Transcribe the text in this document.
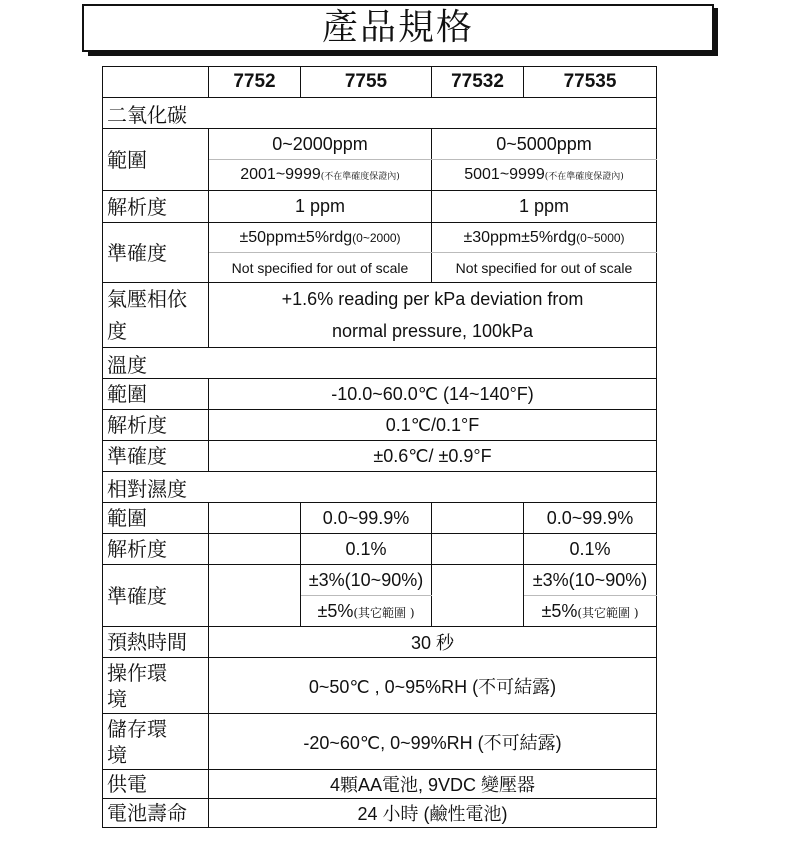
產品規格
	7752	7755	77532	77535
二氧化碳				
範圍	0~2000ppm		0~5000ppm	
	2001~9999(不在準確度保證內)		5001~9999(不在準確度保證內)	
解析度	1 ppm		1 ppm	
準確度	±50ppm±5%rdg(0~2000)		±30ppm±5%rdg(0~5000)	
	Not specified for out of scale		Not specified for out of scale	

氣壓相依
度	+1.6% reading per kPa deviation from
normal pressure, 100kPa			

溫度				
範圍	-10.0~60.0℃ (14~140°F)			
解析度	0.1℃/0.1°F			
準確度	±0.6℃/ ±0.9°F			
相對濕度				
範圍		0.0~99.9%		0.0~99.9%
解析度		0.1%		0.1%
準確度		±3%(10~90%)		±3%(10~90%)
		±5%(其它範圍 )		±5%(其它範圍 )
預熱時間	30 秒			

操作環
境	0~50℃ , 0~95%RH (不可結露)			

儲存環
境	-20~60℃, 0~99%RH (不可結露)			
供電	4顆AA電池, 9VDC 變壓器			
電池壽命	24 小時 (鹼性電池)			
